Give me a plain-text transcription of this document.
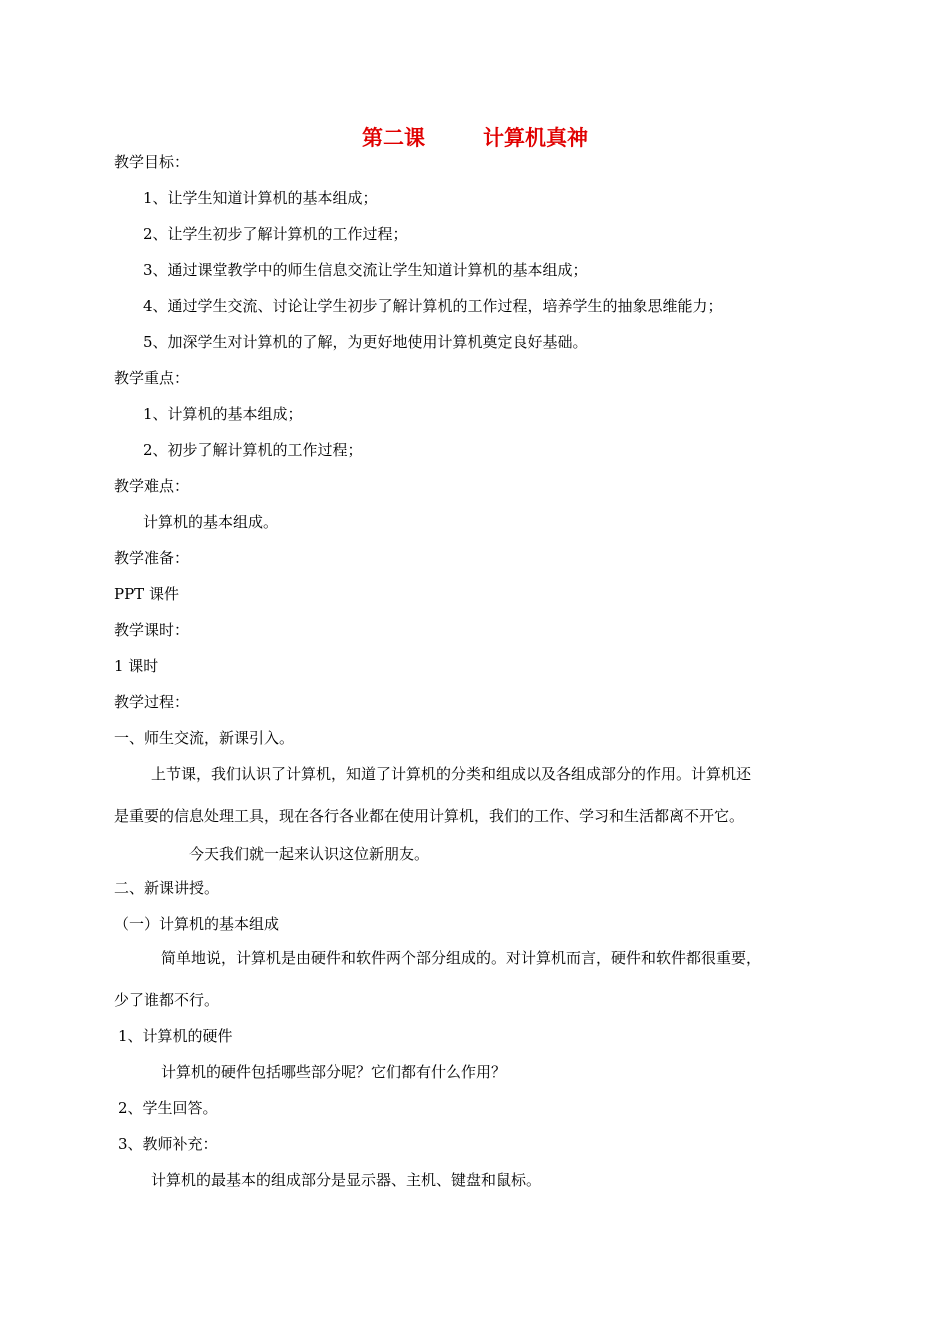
第二课	计算机真神
教学目标：
1、让学生知道计算机的基本组成；
2、让学生初步了解计算机的工作过程；
3、通过课堂教学中的师生信息交流让学生知道计算机的基本组成；
4、通过学生交流、讨论让学生初步了解计算机的工作过程，培养学生的抽象思维能力；
5、加深学生对计算机的了解，为更好地使用计算机奠定良好基础。
教学重点：
1、计算机的基本组成；
2、初步了解计算机的工作过程；
教学难点：
计算机的基本组成。
教学准备：
PPT 课件
教学课时：
1 课时
教学过程：
一、师生交流，新课引入。
上节课，我们认识了计算机，知道了计算机的分类和组成以及各组成部分的作用。计算机还
是重要的信息处理工具，现在各行各业都在使用计算机，我们的工作、学习和生活都离不开它。
今天我们就一起来认识这位新朋友。
二、新课讲授。
（一）计算机的基本组成
简单地说，计算机是由硬件和软件两个部分组成的。对计算机而言，硬件和软件都很重要，
少了谁都不行。
1、计算机的硬件
计算机的硬件包括哪些部分呢？它们都有什么作用？
2、学生回答。
3、教师补充：
计算机的最基本的组成部分是显示器、主机、键盘和鼠标。
